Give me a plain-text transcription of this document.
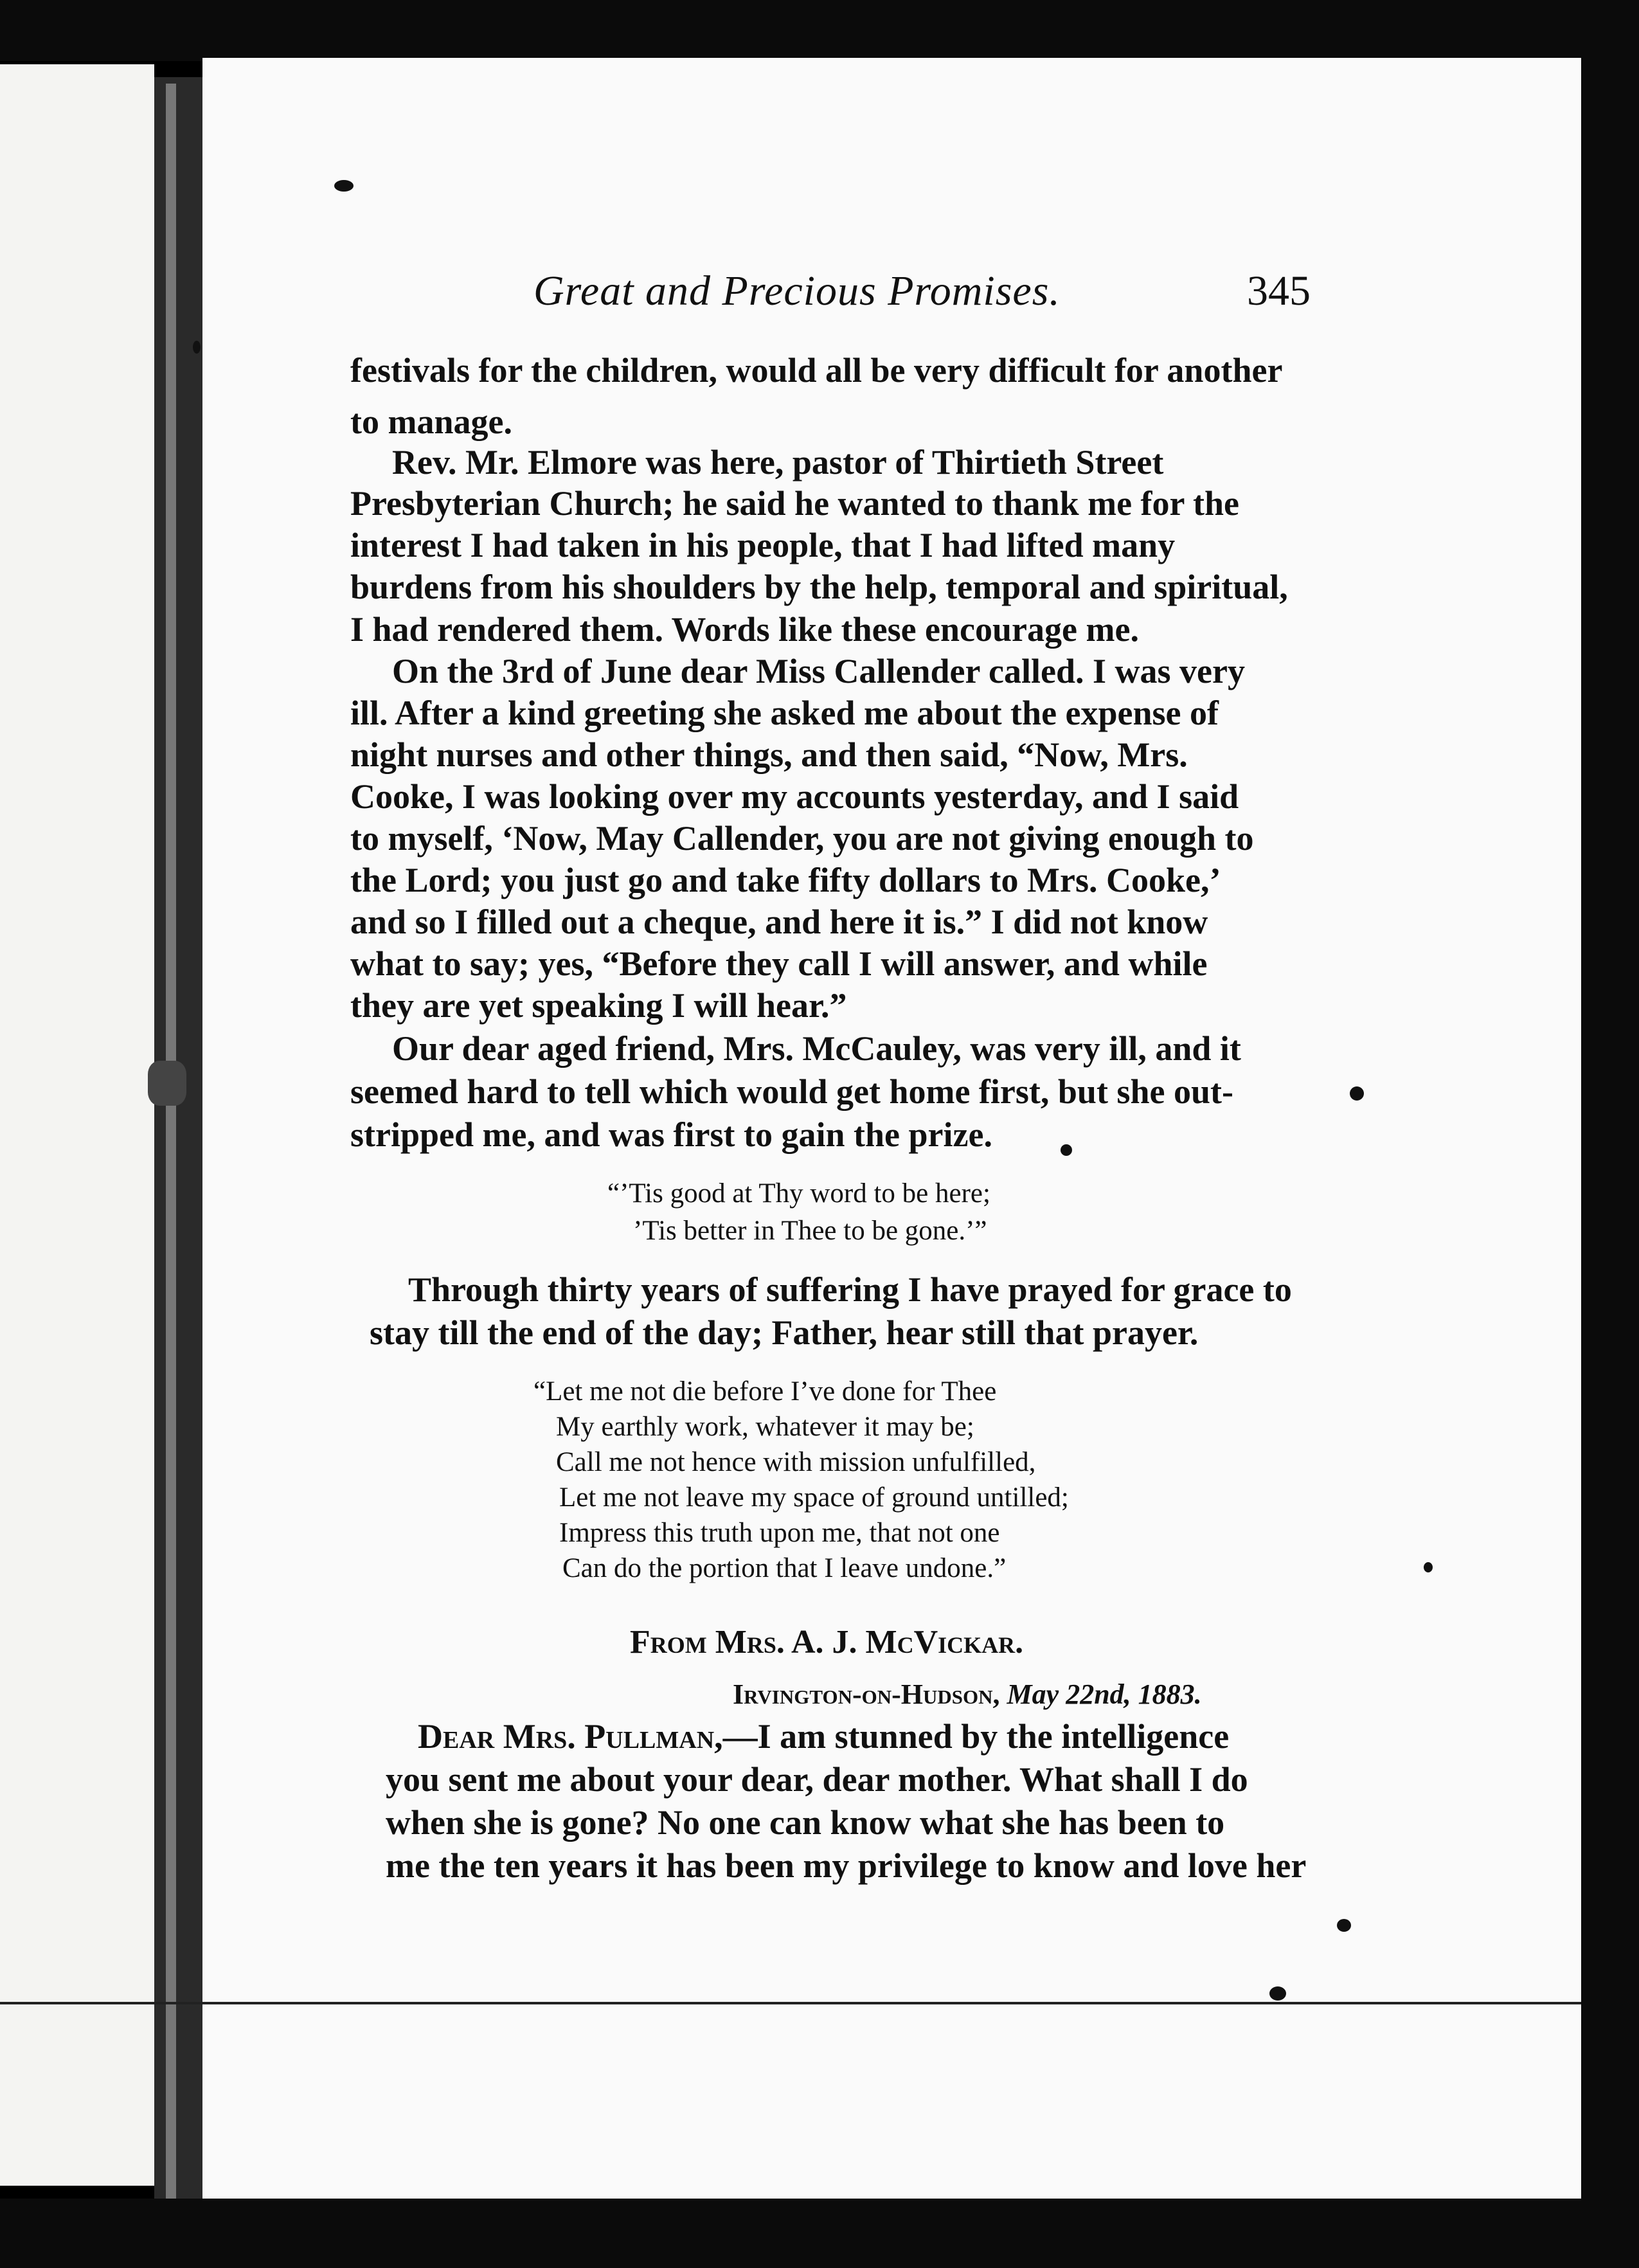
Great and Precious Promises.	345
festivals for the children, would all be very difficult for another
to manage.
Rev. Mr. Elmore was here, pastor of Thirtieth Street
Presbyterian Church; he said he wanted to thank me for the
interest I had taken in his people, that I had lifted many
burdens from his shoulders by the help, temporal and spiritual,
I had rendered them. Words like these encourage me.
On the 3rd of June dear Miss Callender called. I was very
ill. After a kind greeting she asked me about the expense of
night nurses and other things, and then said, “Now, Mrs.
Cooke, I was looking over my accounts yesterday, and I said
to myself, ‘Now, May Callender, you are not giving enough to
the Lord; you just go and take fifty dollars to Mrs. Cooke,’
and so I filled out a cheque, and here it is.” I did not know
what to say; yes, “Before they call I will answer, and while
they are yet speaking I will hear.”
Our dear aged friend, Mrs. McCauley, was very ill, and it
seemed hard to tell which would get home first, but she out-
stripped me, and was first to gain the prize.
“’Tis good at Thy word to be here;
’Tis better in Thee to be gone.’”
Through thirty years of suffering I have prayed for grace to
stay till the end of the day; Father, hear still that prayer.
“Let me not die before I’ve done for Thee
My earthly work, whatever it may be;
Call me not hence with mission unfulfilled,
Let me not leave my space of ground untilled;
Impress this truth upon me, that not one
Can do the portion that I leave undone.”
From Mrs. A. J. McVickar.
Irvington-on-Hudson, May 22nd, 1883.
Dear Mrs. Pullman,—I am stunned by the intelligence
you sent me about your dear, dear mother. What shall I do
when she is gone? No one can know what she has been to
me the ten years it has been my privilege to know and love her
